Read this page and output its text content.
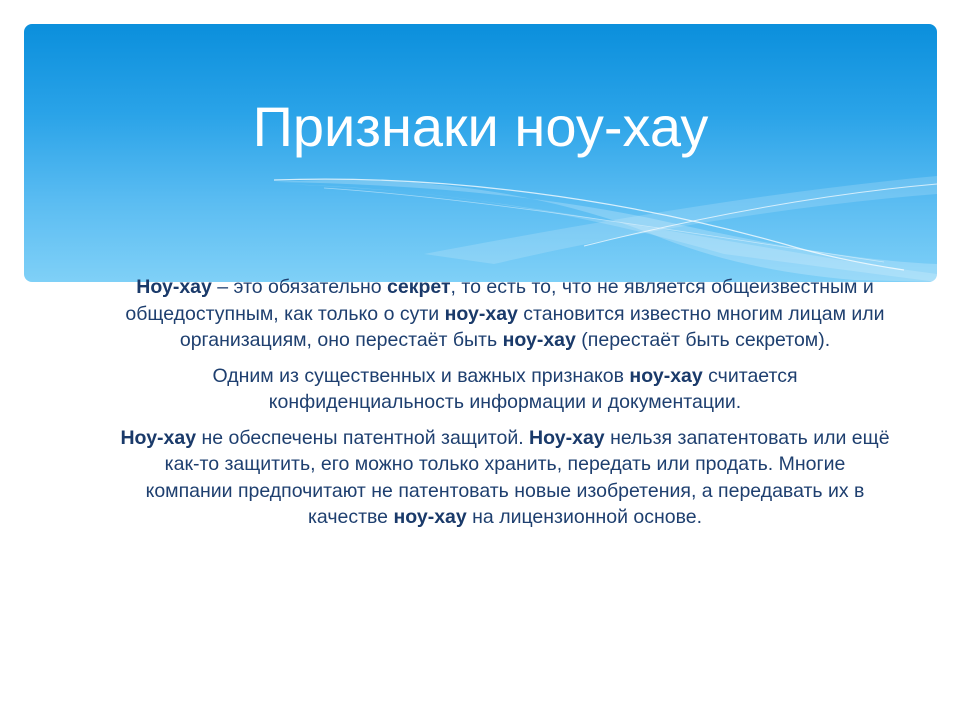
Признаки ноу-хау

Ноу-хау – это обязательно секрет, то есть то, что не является общеизвестным и общедоступным, как только о сути ноу-хау становится известно многим лицам или организациям, оно перестаёт быть ноу-хау (перестаёт быть секретом).

Одним из существенных и важных признаков ноу-хау считается конфиденциальность информации и документации.

Ноу-хау не обеспечены патентной защитой. Ноу-хау нельзя запатентовать или ещё как-то защитить, его можно только хранить, передать или продать. Многие компании предпочитают не патентовать новые изобретения, а передавать их в качестве ноу-хау на лицензионной основе.
